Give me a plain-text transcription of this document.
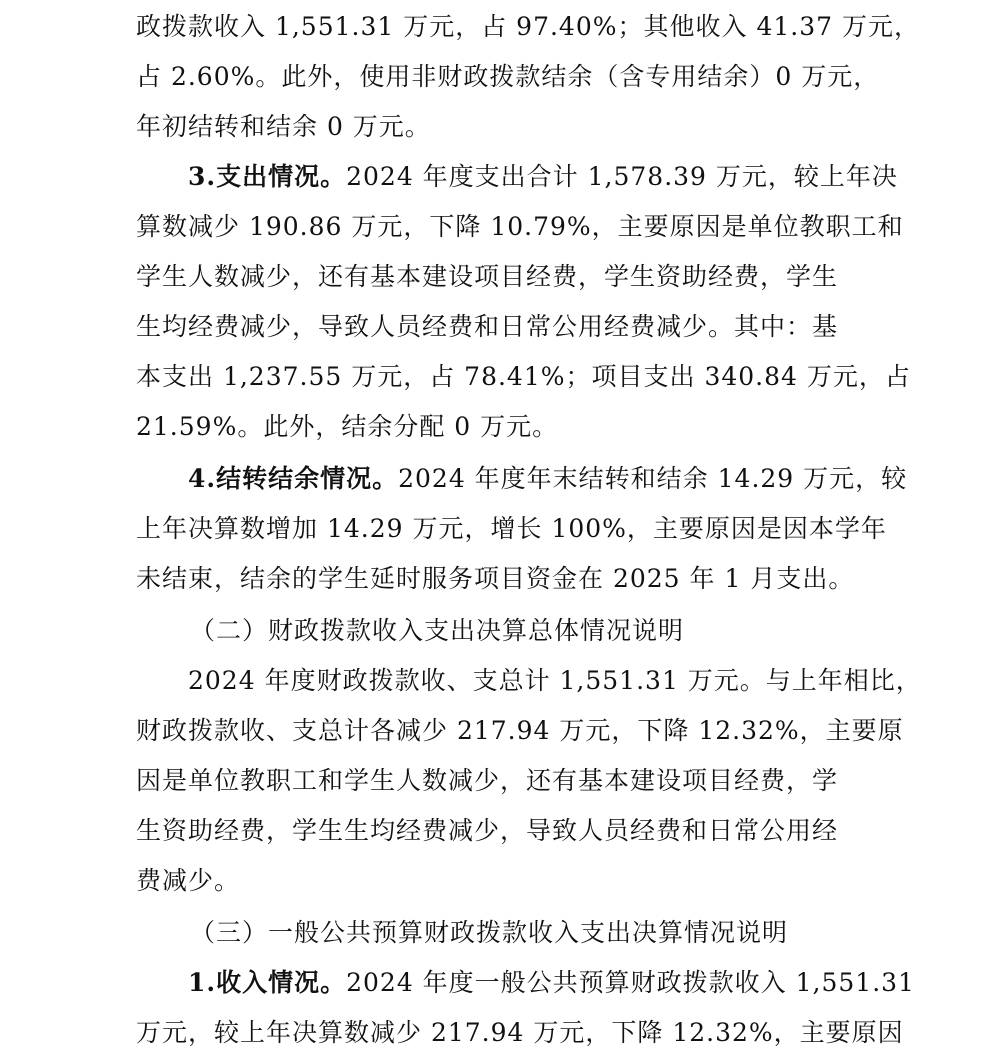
政拨款收入 1,551.31 万元，占 97.40%；其他收入 41.37 万元，
占 2.60%。此外，使用非财政拨款结余（含专用结余）0 万元，
年初结转和结余 0 万元。
3.支出情况。2024 年度支出合计 1,578.39 万元，较上年决
算数减少 190.86 万元，下降 10.79%，主要原因是单位教职工和
学生人数减少，还有基本建设项目经费，学生资助经费，学生
生均经费减少，导致人员经费和日常公用经费减少。其中：基
本支出 1,237.55 万元，占 78.41%；项目支出 340.84 万元，占
21.59%。此外，结余分配 0 万元。
4.结转结余情况。2024 年度年末结转和结余 14.29 万元，较
上年决算数增加 14.29 万元，增长 100%，主要原因是因本学年
未结束，结余的学生延时服务项目资金在 2025 年 1 月支出。
（二）财政拨款收入支出决算总体情况说明
2024 年度财政拨款收、支总计 1,551.31 万元。与上年相比，
财政拨款收、支总计各减少 217.94 万元，下降 12.32%，主要原
因是单位教职工和学生人数减少，还有基本建设项目经费，学
生资助经费，学生生均经费减少，导致人员经费和日常公用经
费减少。
（三）一般公共预算财政拨款收入支出决算情况说明
1.收入情况。2024 年度一般公共预算财政拨款收入 1,551.31
万元，较上年决算数减少 217.94 万元，下降 12.32%，主要原因
